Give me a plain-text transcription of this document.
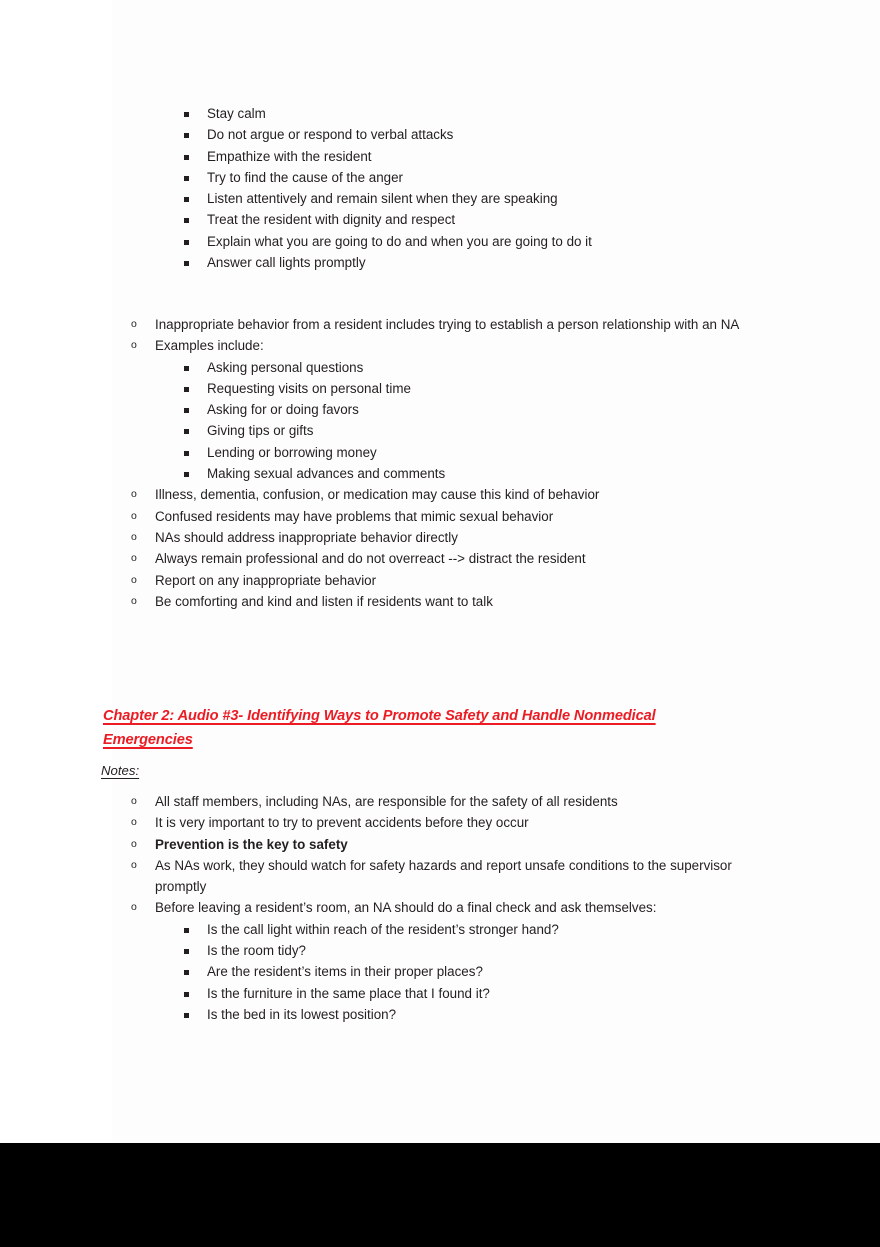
Stay calm
Do not argue or respond to verbal attacks
Empathize with the resident
Try to find the cause of the anger
Listen attentively and remain silent when they are speaking
Treat the resident with dignity and respect
Explain what you are going to do and when you are going to do it
Answer call lights promptly
o Inappropriate behavior from a resident includes trying to establish a person relationship with an NA
o Examples include:
Asking personal questions
Requesting visits on personal time
Asking for or doing favors
Giving tips or gifts
Lending or borrowing money
Making sexual advances and comments
o Illness, dementia, confusion, or medication may cause this kind of behavior
o Confused residents may have problems that mimic sexual behavior
o NAs should address inappropriate behavior directly
o Always remain professional and do not overreact --> distract the resident
o Report on any inappropriate behavior
o Be comforting and kind and listen if residents want to talk
Chapter 2: Audio #3- Identifying Ways to Promote Safety and Handle Nonmedical
Emergencies

Notes:

o All staff members, including NAs, are responsible for the safety of all residents
o It is very important to try to prevent accidents before they occur
o Prevention is the key to safety
o As NAs work, they should watch for safety hazards and report unsafe conditions to the supervisor promptly
o Before leaving a resident’s room, an NA should do a final check and ask themselves:
Is the call light within reach of the resident’s stronger hand?
Is the room tidy?
Are the resident’s items in their proper places?
Is the furniture in the same place that I found it?
Is the bed in its lowest position?
